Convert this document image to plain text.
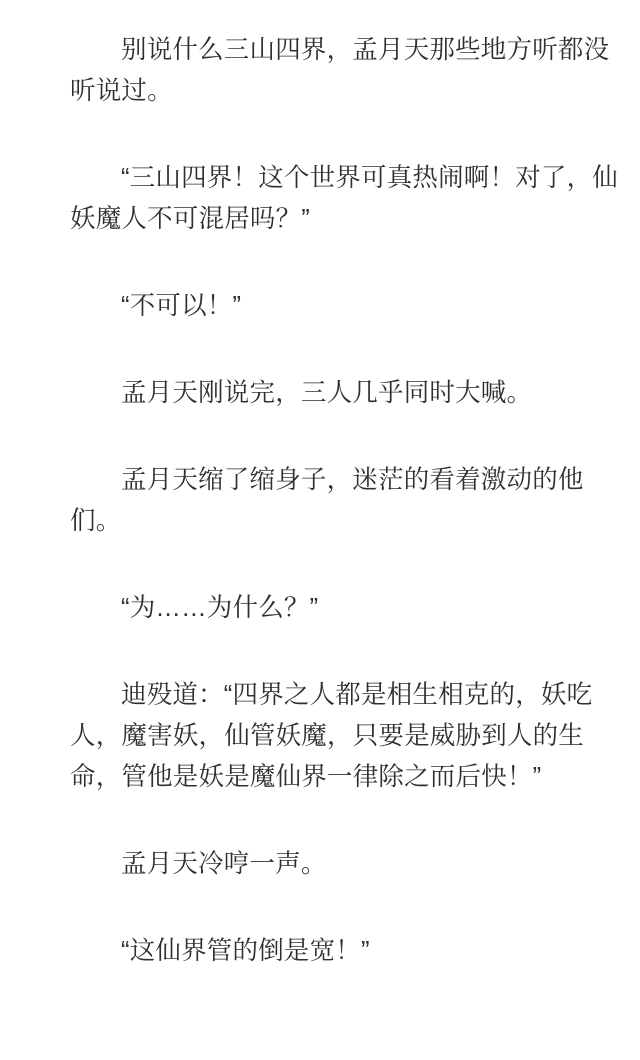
别说什么三山四界，孟月天那些地方听都没听说过。

“三山四界！这个世界可真热闹啊！对了，仙妖魔人不可混居吗？”

“不可以！”

孟月天刚说完，三人几乎同时大喊。

孟月天缩了缩身子，迷茫的看着激动的他们。

“为……为什么？”

迪殁道：“四界之人都是相生相克的，妖吃人，魔害妖，仙管妖魔，只要是威胁到人的生命，管他是妖是魔仙界一律除之而后快！”

孟月天冷哼一声。

“这仙界管的倒是宽！”
